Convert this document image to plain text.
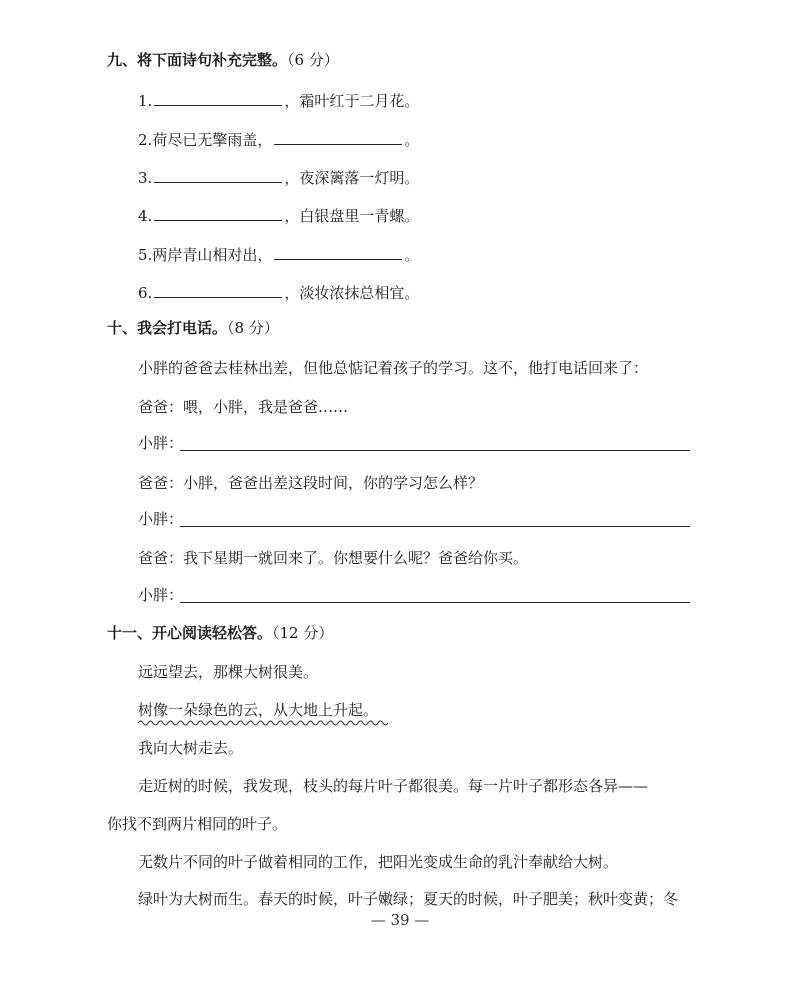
九、将下面诗句补充完整。（6 分）
1.	，霜叶红于二月花。
2.荷尽已无擎雨盖，	。
3.	，夜深篱落一灯明。
4.	，白银盘里一青螺。
5.两岸青山相对出，	。
6.	，淡妆浓抹总相宜。
十、我会打电话。（8 分）
小胖的爸爸去桂林出差，但他总惦记着孩子的学习。这不，他打电话回来了：
爸爸：喂，小胖，我是爸爸……
小胖：
爸爸：小胖，爸爸出差这段时间，你的学习怎么样？
小胖：
爸爸：我下星期一就回来了。你想要什么呢？爸爸给你买。
小胖：
十一、开心阅读轻松答。（12 分）
远远望去，那棵大树很美。
树像一朵绿色的云，从大地上升起。
我向大树走去。
走近树的时候，我发现，枝头的每片叶子都很美。每一片叶子都形态各异——
你找不到两片相同的叶子。
无数片不同的叶子做着相同的工作，把阳光变成生命的乳汁奉献给大树。
绿叶为大树而生。春天的时候，叶子嫩绿；夏天的时候，叶子肥美；秋叶变黄；冬
— 39 —
